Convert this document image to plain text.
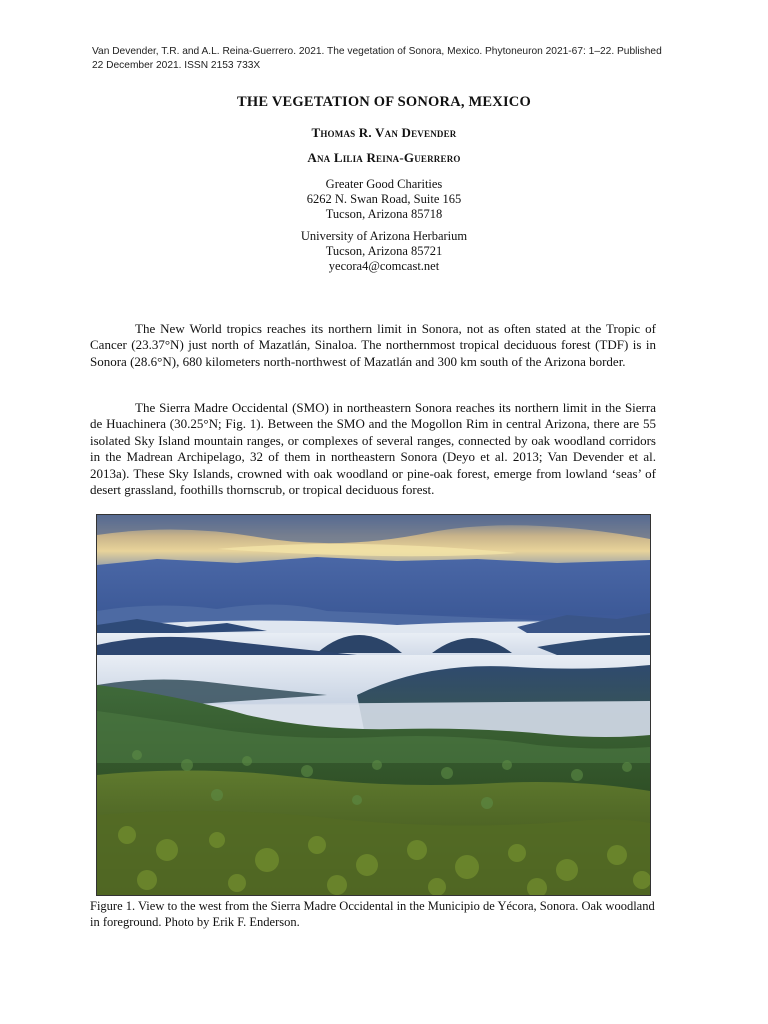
Van Devender, T.R. and A.L. Reina-Guerrero. 2021. The vegetation of Sonora, Mexico. Phytoneuron 2021-67: 1–22. Published 22 December 2021. ISSN 2153 733X
THE VEGETATION OF SONORA, MEXICO
Thomas R. Van Devender
Ana Lilia Reina-Guerrero
Greater Good Charities
6262 N. Swan Road, Suite 165
Tucson, Arizona 85718
University of Arizona Herbarium
Tucson, Arizona 85721
yecora4@comcast.net

The New World tropics reaches its northern limit in Sonora, not as often stated at the Tropic of Cancer (23.37°N) just north of Mazatlán, Sinaloa. The northernmost tropical deciduous forest (TDF) is in Sonora (28.6°N), 680 kilometers north-northwest of Mazatlán and 300 km south of the Arizona border.

The Sierra Madre Occidental (SMO) in northeastern Sonora reaches its northern limit in the Sierra de Huachinera (30.25°N; Fig. 1). Between the SMO and the Mogollon Rim in central Arizona, there are 55 isolated Sky Island mountain ranges, or complexes of several ranges, connected by oak woodland corridors in the Madrean Archipelago, 32 of them in northeastern Sonora (Deyo et al. 2013; Van Devender et al. 2013a). These Sky Islands, crowned with oak woodland or pine-oak forest, emerge from lowland ‘seas’ of desert grassland, foothills thornscrub, or tropical deciduous forest.

Figure 1. View to the west from the Sierra Madre Occidental in the Municipio de Yécora, Sonora. Oak woodland in foreground. Photo by Erik F. Enderson.
